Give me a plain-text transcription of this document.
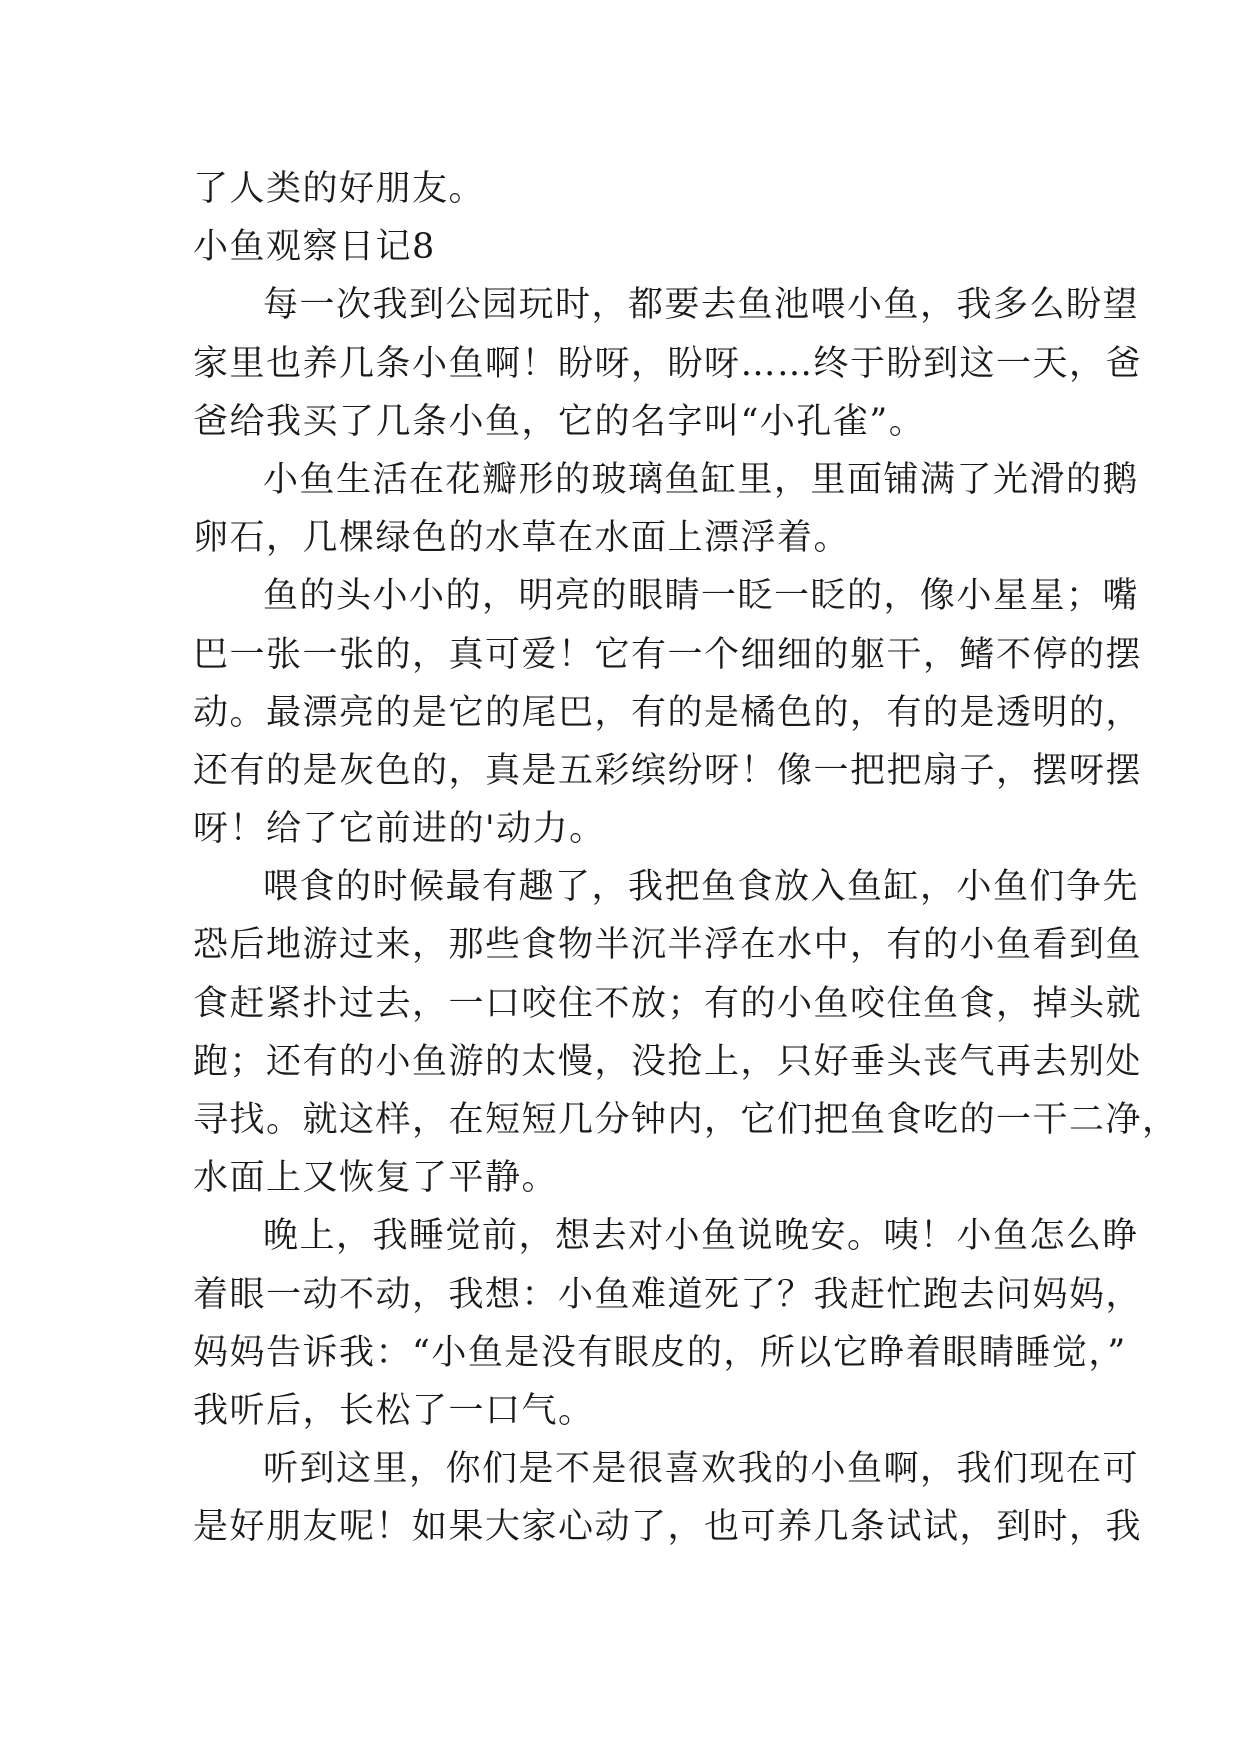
了人类的好朋友。
小鱼观察日记8
每一次我到公园玩时，都要去鱼池喂小鱼，我多么盼望
家里也养几条小鱼啊！盼呀，盼呀……终于盼到这一天，爸
爸给我买了几条小鱼，它的名字叫“小孔雀”。
小鱼生活在花瓣形的玻璃鱼缸里，里面铺满了光滑的鹅
卵石，几棵绿色的水草在水面上漂浮着。
鱼的头小小的，明亮的眼睛一眨一眨的，像小星星；嘴
巴一张一张的，真可爱！它有一个细细的躯干，鳍不停的摆
动。最漂亮的是它的尾巴，有的是橘色的，有的是透明的，
还有的是灰色的，真是五彩缤纷呀！像一把把扇子，摆呀摆
呀！给了它前进的'动力。
喂食的时候最有趣了，我把鱼食放入鱼缸，小鱼们争先
恐后地游过来，那些食物半沉半浮在水中，有的小鱼看到鱼
食赶紧扑过去，一口咬住不放；有的小鱼咬住鱼食，掉头就
跑；还有的小鱼游的太慢，没抢上，只好垂头丧气再去别处
寻找。就这样，在短短几分钟内，它们把鱼食吃的一干二净，
水面上又恢复了平静。
晚上，我睡觉前，想去对小鱼说晚安。咦！小鱼怎么睁
着眼一动不动，我想：小鱼难道死了？我赶忙跑去问妈妈，
妈妈告诉我：“小鱼是没有眼皮的，所以它睁着眼睛睡觉，”
我听后，长松了一口气。
听到这里，你们是不是很喜欢我的小鱼啊，我们现在可
是好朋友呢！如果大家心动了，也可养几条试试，到时，我
